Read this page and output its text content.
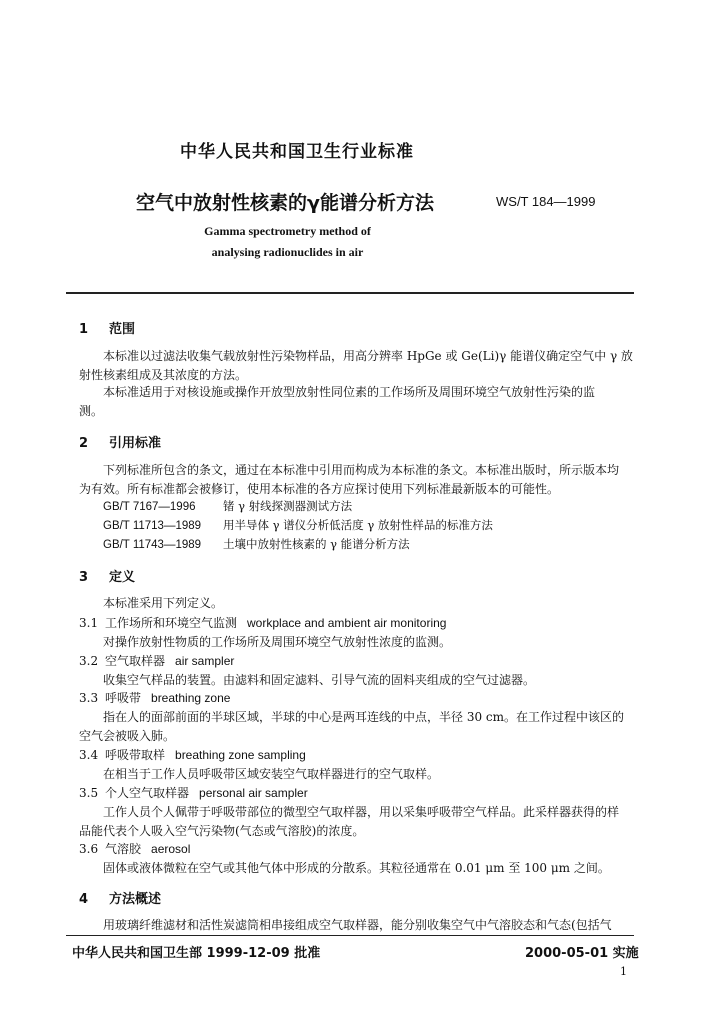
中华人民共和国卫生行业标准
空气中放射性核素的γ能谱分析方法	WS/T 184—1999
Gamma spectrometry method of
analysing radionuclides in air
1 范围
本标准以过滤法收集气载放射性污染物样品，用高分辨率 HpGe 或 Ge(Li)γ 能谱仪确定空气中 γ 放
射性核素组成及其浓度的方法。
本标准适用于对核设施或操作开放型放射性同位素的工作场所及周围环境空气放射性污染的监
测。
2 引用标准
下列标准所包含的条文，通过在本标准中引用而构成为本标准的条文。本标准出版时，所示版本均
为有效。所有标准都会被修订，使用本标准的各方应探讨使用下列标准最新版本的可能性。
GB/T 7167—1996 锗 γ 射线探测器测试方法
GB/T 11713—1989 用半导体 γ 谱仪分析低活度 γ 放射性样品的标准方法
GB/T 11743—1989 土壤中放射性核素的 γ 能谱分析方法
3 定义
本标准采用下列定义。
3.1 工作场所和环境空气监测 workplace and ambient air monitoring
对操作放射性物质的工作场所及周围环境空气放射性浓度的监测。
3.2 空气取样器 air sampler
收集空气样品的装置。由滤料和固定滤料、引导气流的固料夹组成的空气过滤器。
3.3 呼吸带 breathing zone
指在人的面部前面的半球区域，半球的中心是两耳连线的中点，半径 30 cm。在工作过程中该区的
空气会被吸入肺。
3.4 呼吸带取样 breathing zone sampling
在相当于工作人员呼吸带区域安装空气取样器进行的空气取样。
3.5 个人空气取样器 personal air sampler
工作人员个人佩带于呼吸带部位的微型空气取样器，用以采集呼吸带空气样品。此采样器获得的样
品能代表个人吸入空气污染物(气态或气溶胶)的浓度。
3.6 气溶胶 aerosol
固体或液体微粒在空气或其他气体中形成的分散系。其粒径通常在 0.01 μm 至 100 μm 之间。
4 方法概述
用玻璃纤维滤材和活性炭滤筒相串接组成空气取样器，能分别收集空气中气溶胶态和气态(包括气
中华人民共和国卫生部 1999-12-09 批准	2000-05-01 实施
1
